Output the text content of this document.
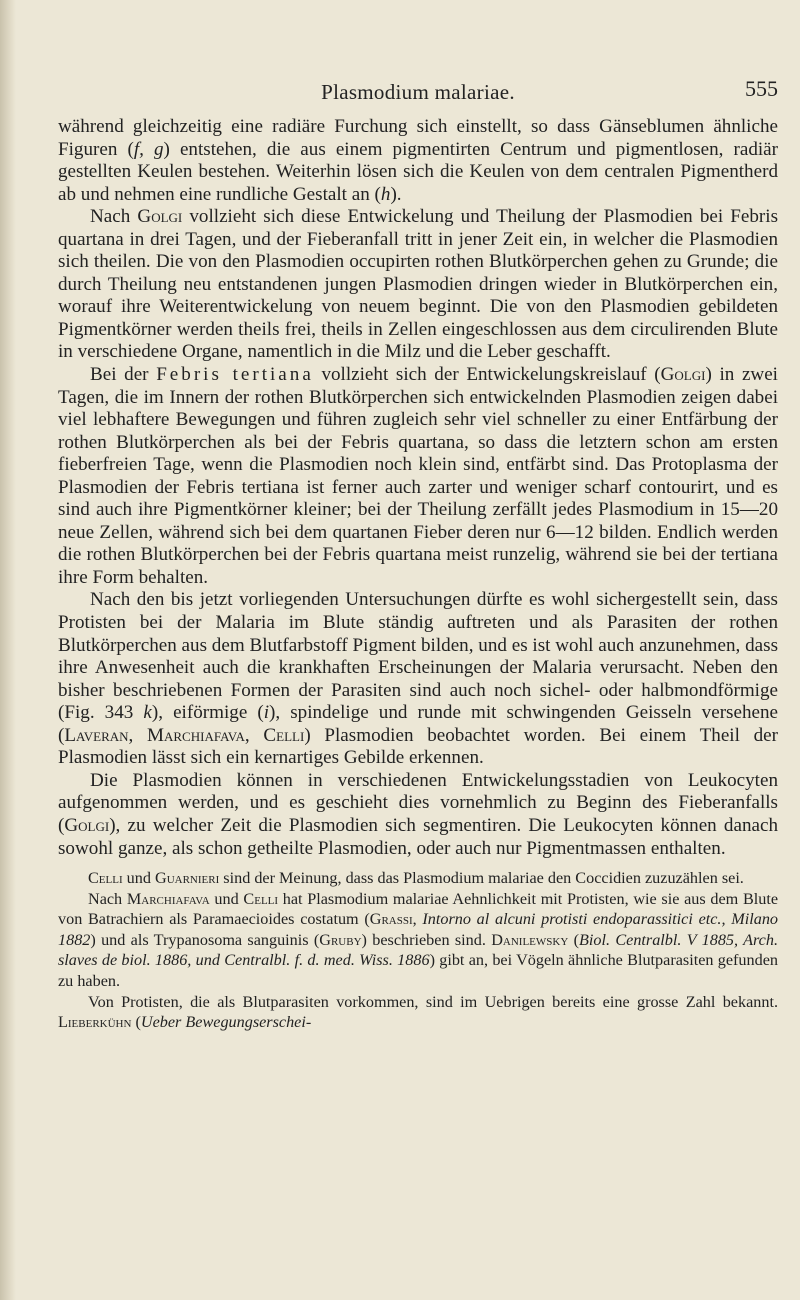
Plasmodium malariae.	555

während gleichzeitig eine radiäre Furchung sich einstellt, so dass Gänseblumen ähnliche Figuren (f, g) entstehen, die aus einem pigmentirten Centrum und pigmentlosen, radiär gestellten Keulen bestehen. Weiterhin lösen sich die Keulen von dem centralen Pigmentherd ab und nehmen eine rundliche Gestalt an (h).

Nach Golgi vollzieht sich diese Entwickelung und Theilung der Plasmodien bei Febris quartana in drei Tagen, und der Fieberanfall tritt in jener Zeit ein, in welcher die Plasmodien sich theilen. Die von den Plasmodien occupirten rothen Blutkörperchen gehen zu Grunde; die durch Theilung neu entstandenen jungen Plasmodien dringen wieder in Blutkörperchen ein, worauf ihre Weiterentwickelung von neuem beginnt. Die von den Plasmodien gebildeten Pigmentkörner werden theils frei, theils in Zellen eingeschlossen aus dem circulirenden Blute in verschiedene Organe, namentlich in die Milz und die Leber geschafft.

Bei der Febris tertiana vollzieht sich der Entwickelungskreislauf (Golgi) in zwei Tagen, die im Innern der rothen Blutkörperchen sich entwickelnden Plasmodien zeigen dabei viel lebhaftere Bewegungen und führen zugleich sehr viel schneller zu einer Entfärbung der rothen Blutkörperchen als bei der Febris quartana, so dass die letztern schon am ersten fieberfreien Tage, wenn die Plasmodien noch klein sind, entfärbt sind. Das Protoplasma der Plasmodien der Febris tertiana ist ferner auch zarter und weniger scharf contourirt, und es sind auch ihre Pigmentkörner kleiner; bei der Theilung zerfällt jedes Plasmodium in 15—20 neue Zellen, während sich bei dem quartanen Fieber deren nur 6—12 bilden. Endlich werden die rothen Blutkörperchen bei der Febris quartana meist runzelig, während sie bei der tertiana ihre Form behalten.

Nach den bis jetzt vorliegenden Untersuchungen dürfte es wohl sichergestellt sein, dass Protisten bei der Malaria im Blute ständig auftreten und als Parasiten der rothen Blutkörperchen aus dem Blutfarbstoff Pigment bilden, und es ist wohl auch anzunehmen, dass ihre Anwesenheit auch die krankhaften Erscheinungen der Malaria verursacht. Neben den bisher beschriebenen Formen der Parasiten sind auch noch sichel- oder halbmondförmige (Fig. 343 k), eiförmige (i), spindelige und runde mit schwingenden Geisseln versehene (Laveran, Marchiafava, Celli) Plasmodien beobachtet worden. Bei einem Theil der Plasmodien lässt sich ein kernartiges Gebilde erkennen.

Die Plasmodien können in verschiedenen Entwickelungsstadien von Leukocyten aufgenommen werden, und es geschieht dies vornehmlich zu Beginn des Fieberanfalls (Golgi), zu welcher Zeit die Plasmodien sich segmentiren. Die Leukocyten können danach sowohl ganze, als schon getheilte Plasmodien, oder auch nur Pigmentmassen enthalten.

Celli und Guarnieri sind der Meinung, dass das Plasmodium malariae den Coccidien zuzuzählen sei.

Nach Marchiafava und Celli hat Plasmodium malariae Aehnlichkeit mit Protisten, wie sie aus dem Blute von Batrachiern als Paramaecioides costatum (Grassi, Intorno al alcuni protisti endoparassitici etc., Milano 1882) und als Trypanosoma sanguinis (Gruby) beschrieben sind. Danilewsky (Biol. Centralbl. V 1885, Arch. slaves de biol. 1886, und Centralbl. f. d. med. Wiss. 1886) gibt an, bei Vögeln ähnliche Blutparasiten gefunden zu haben.

Von Protisten, die als Blutparasiten vorkommen, sind im Uebrigen bereits eine grosse Zahl bekannt. Lieberkühn (Ueber Bewegungserschei-
